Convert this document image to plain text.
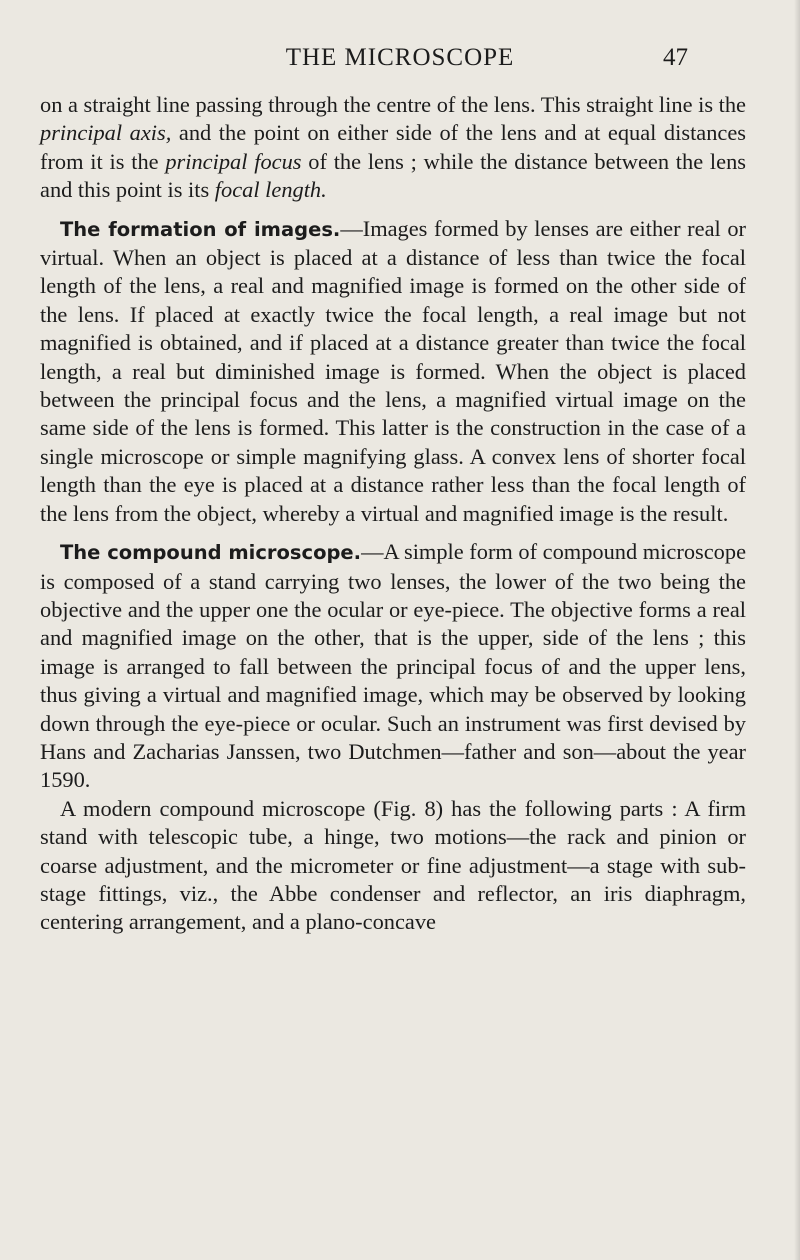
THE MICROSCOPE	47

on a straight line passing through the centre of the lens. This straight line is the principal axis, and the point on either side of the lens and at equal distances from it is the principal focus of the lens ; while the distance between the lens and this point is its focal length.

The formation of images.—Images formed by lenses are either real or virtual. When an object is placed at a distance of less than twice the focal length of the lens, a real and magnified image is formed on the other side of the lens. If placed at exactly twice the focal length, a real image but not magnified is obtained, and if placed at a distance greater than twice the focal length, a real but diminished image is formed. When the object is placed between the principal focus and the lens, a magnified virtual image on the same side of the lens is formed. This latter is the construction in the case of a single microscope or simple magnifying glass. A convex lens of shorter focal length than the eye is placed at a distance rather less than the focal length of the lens from the object, whereby a virtual and magnified image is the result.

The compound microscope.—A simple form of compound microscope is composed of a stand carrying two lenses, the lower of the two being the objective and the upper one the ocular or eye-piece. The objective forms a real and magnified image on the other, that is the upper, side of the lens ; this image is arranged to fall between the principal focus of and the upper lens, thus giving a virtual and magnified image, which may be observed by looking down through the eye-piece or ocular. Such an instrument was first devised by Hans and Zacharias Janssen, two Dutchmen—father and son—about the year 1590.

A modern compound microscope (Fig. 8) has the following parts : A firm stand with telescopic tube, a hinge, two motions—the rack and pinion or coarse adjustment, and the micrometer or fine adjustment—a stage with sub-stage fittings, viz., the Abbe condenser and reflector, an iris diaphragm, centering arrangement, and a plano-concave
